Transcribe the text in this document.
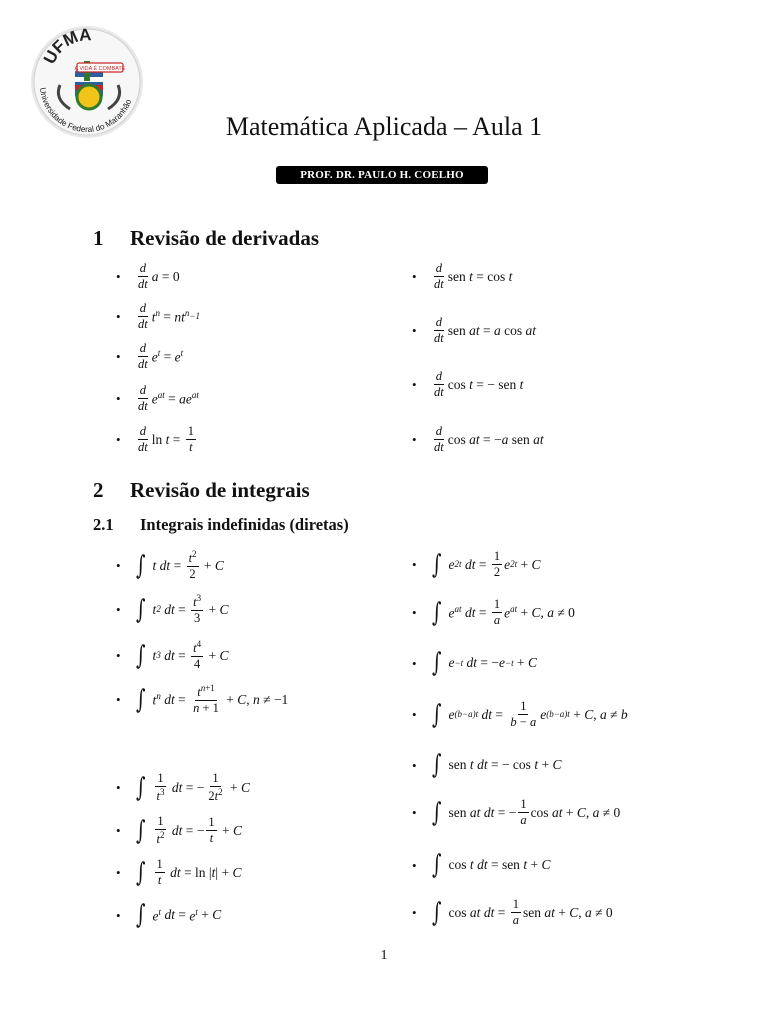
UFMA
Universidade Federal do Maranhão
A VIDA É COMBATE
Matemática Aplicada – Aula 1
PROF. DR. PAULO H. COELHO
1 Revisão de derivadas
•	$\frac{d}{dt}$ a = 0
•	$\frac{d}{dt} t^n = nt^n -1$
•	$\frac{d}{dt} e^t = e^t$
•	$\frac{d}{dt} e^{at} = ae^{at}$
•	$\frac{d}{dt}$ $\ln t = \frac{1}{t}$
•	$\frac{d}{dt}$ sen t = cos t
•	$\frac{d}{dt}$ sen at = a cos at
•	$\frac{d}{dt}$ cos t = − sen t
•	$\frac{d}{dt}$ cos at = − a sen at
2 Revisão de integrais
2.1 Integrais indefinidas (diretas)
• ∫ t dt = $\frac{t^2}{2} + C$
• ∫ t 2
dt = $\frac{t^3}{3} + C$
• ∫ t 3
dt = $\frac{t^4}{4} + C$
• ∫ $t^n$
dt = $\frac{t^{n+1}}{n + 1} + C$ , n ≠ −1
• ∫ $\frac{1}{t^3}$
dt = − $\frac{1}{2t^2} + C$
• ∫ $\frac{1}{t^2}$
dt = − $\frac{1}{t} + C$
• ∫ $\frac{1}{t}$
dt = ln | t | + C
• ∫ $e^t$
dt = $e^t + C$
• ∫ e 2t
dt = $\frac{1}{2}$ e 2t + C
• ∫ $e^{at}$
dt = $\frac{1}{a} e^{at} + C$ , a ≠ 0
• ∫ e −t
dt = − e −t + C
• ∫ e (b−a)t
dt = $\frac{1}{b - a}$ e (b−a)t + C , a ≠ b
• ∫ sen t
dt = − cos t + C
• ∫ sen at
dt = − $\frac{1}{a}$ cos at + C , a ≠ 0
• ∫ cos t
dt = sen t + C
• ∫ cos at
dt = $\frac{1}{a}$ sen at + C , a ≠ 0
1
